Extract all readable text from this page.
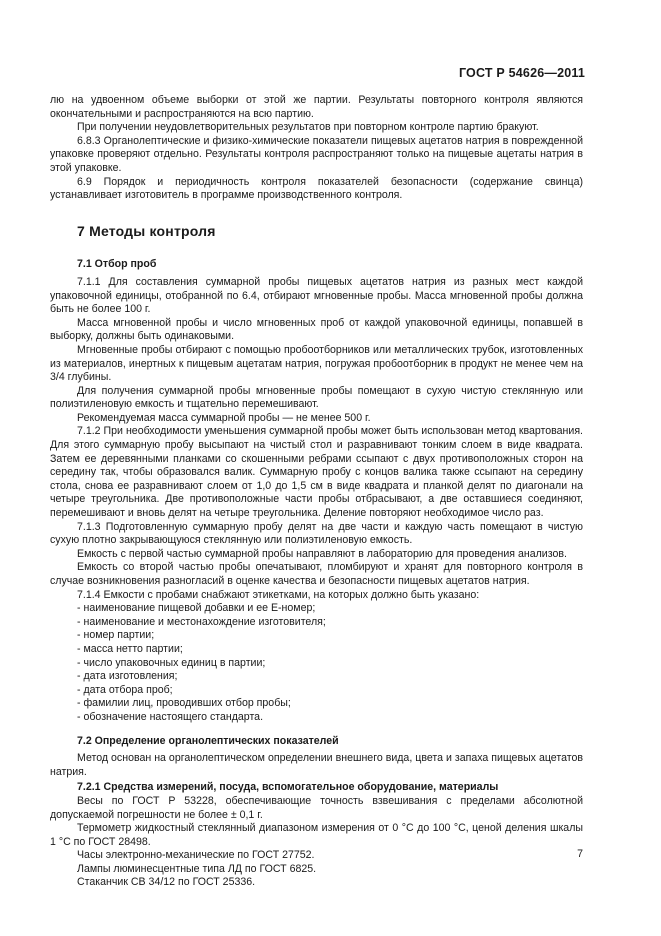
ГОСТ Р 54626—2011

лю на удвоенном объеме выборки от этой же партии. Результаты повторного контроля являются окончательными и распространяются на всю партию.

При получении неудовлетворительных результатов при повторном контроле партию бракуют.

6.8.3 Органолептические и физико-химические показатели пищевых ацетатов натрия в поврежденной упаковке проверяют отдельно. Результаты контроля распространяют только на пищевые ацетаты натрия в этой упаковке.

6.9 Порядок и периодичность контроля показателей безопасности (содержание свинца) устанавливает изготовитель в программе производственного контроля.

7 Методы контроля
7.1 Отбор проб

7.1.1 Для составления суммарной пробы пищевых ацетатов натрия из разных мест каждой упаковочной единицы, отобранной по 6.4, отбирают мгновенные пробы. Масса мгновенной пробы должна быть не более 100 г.

Масса мгновенной пробы и число мгновенных проб от каждой упаковочной единицы, попавшей в выборку, должны быть одинаковыми.

Мгновенные пробы отбирают с помощью пробоотборников или металлических трубок, изготовленных из материалов, инертных к пищевым ацетатам натрия, погружая пробоотборник в продукт не менее чем на 3/4 глубины.

Для получения суммарной пробы мгновенные пробы помещают в сухую чистую стеклянную или полиэтиленовую емкость и тщательно перемешивают.

Рекомендуемая масса суммарной пробы — не менее 500 г.

7.1.2 При необходимости уменьшения суммарной пробы может быть использован метод квартования. Для этого суммарную пробу высыпают на чистый стол и разравнивают тонким слоем в виде квадрата. Затем ее деревянными планками со скошенными ребрами ссыпают с двух противоположных сторон на середину так, чтобы образовался валик. Суммарную пробу с концов валика также ссыпают на середину стола, снова ее разравнивают слоем от 1,0 до 1,5 см в виде квадрата и планкой делят по диагонали на четыре треугольника. Две противоположные части пробы отбрасывают, а две оставшиеся соединяют, перемешивают и вновь делят на четыре треугольника. Деление повторяют необходимое число раз.

7.1.3 Подготовленную суммарную пробу делят на две части и каждую часть помещают в чистую сухую плотно закрывающуюся стеклянную или полиэтиленовую емкость.

Емкость с первой частью суммарной пробы направляют в лабораторию для проведения анализов.

Емкость со второй частью пробы опечатывают, пломбируют и хранят для повторного контроля в случае возникновения разногласий в оценке качества и безопасности пищевых ацетатов натрия.

7.1.4 Емкости с пробами снабжают этикетками, на которых должно быть указано:

- наименование пищевой добавки и ее Е-номер;
- наименование и местонахождение изготовителя;
- номер партии;
- масса нетто партии;
- число упаковочных единиц в партии;
- дата изготовления;
- дата отбора проб;
- фамилии лиц, проводивших отбор пробы;
- обозначение настоящего стандарта.
7.2 Определение органолептических показателей

Метод основан на органолептическом определении внешнего вида, цвета и запаха пищевых ацетатов натрия.

7.2.1 Средства измерений, посуда, вспомогательное оборудование, материалы

Весы по ГОСТ Р 53228, обеспечивающие точность взвешивания с пределами абсолютной допускаемой погрешности не более ± 0,1 г.

Термометр жидкостный стеклянный диапазоном измерения от 0 °С до 100 °С, ценой деления шкалы 1 °С по ГОСТ 28498.

Часы электронно-механические по ГОСТ 27752.

Лампы люминесцентные типа ЛД по ГОСТ 6825.

Стаканчик СВ 34/12 по ГОСТ 25336.

7
